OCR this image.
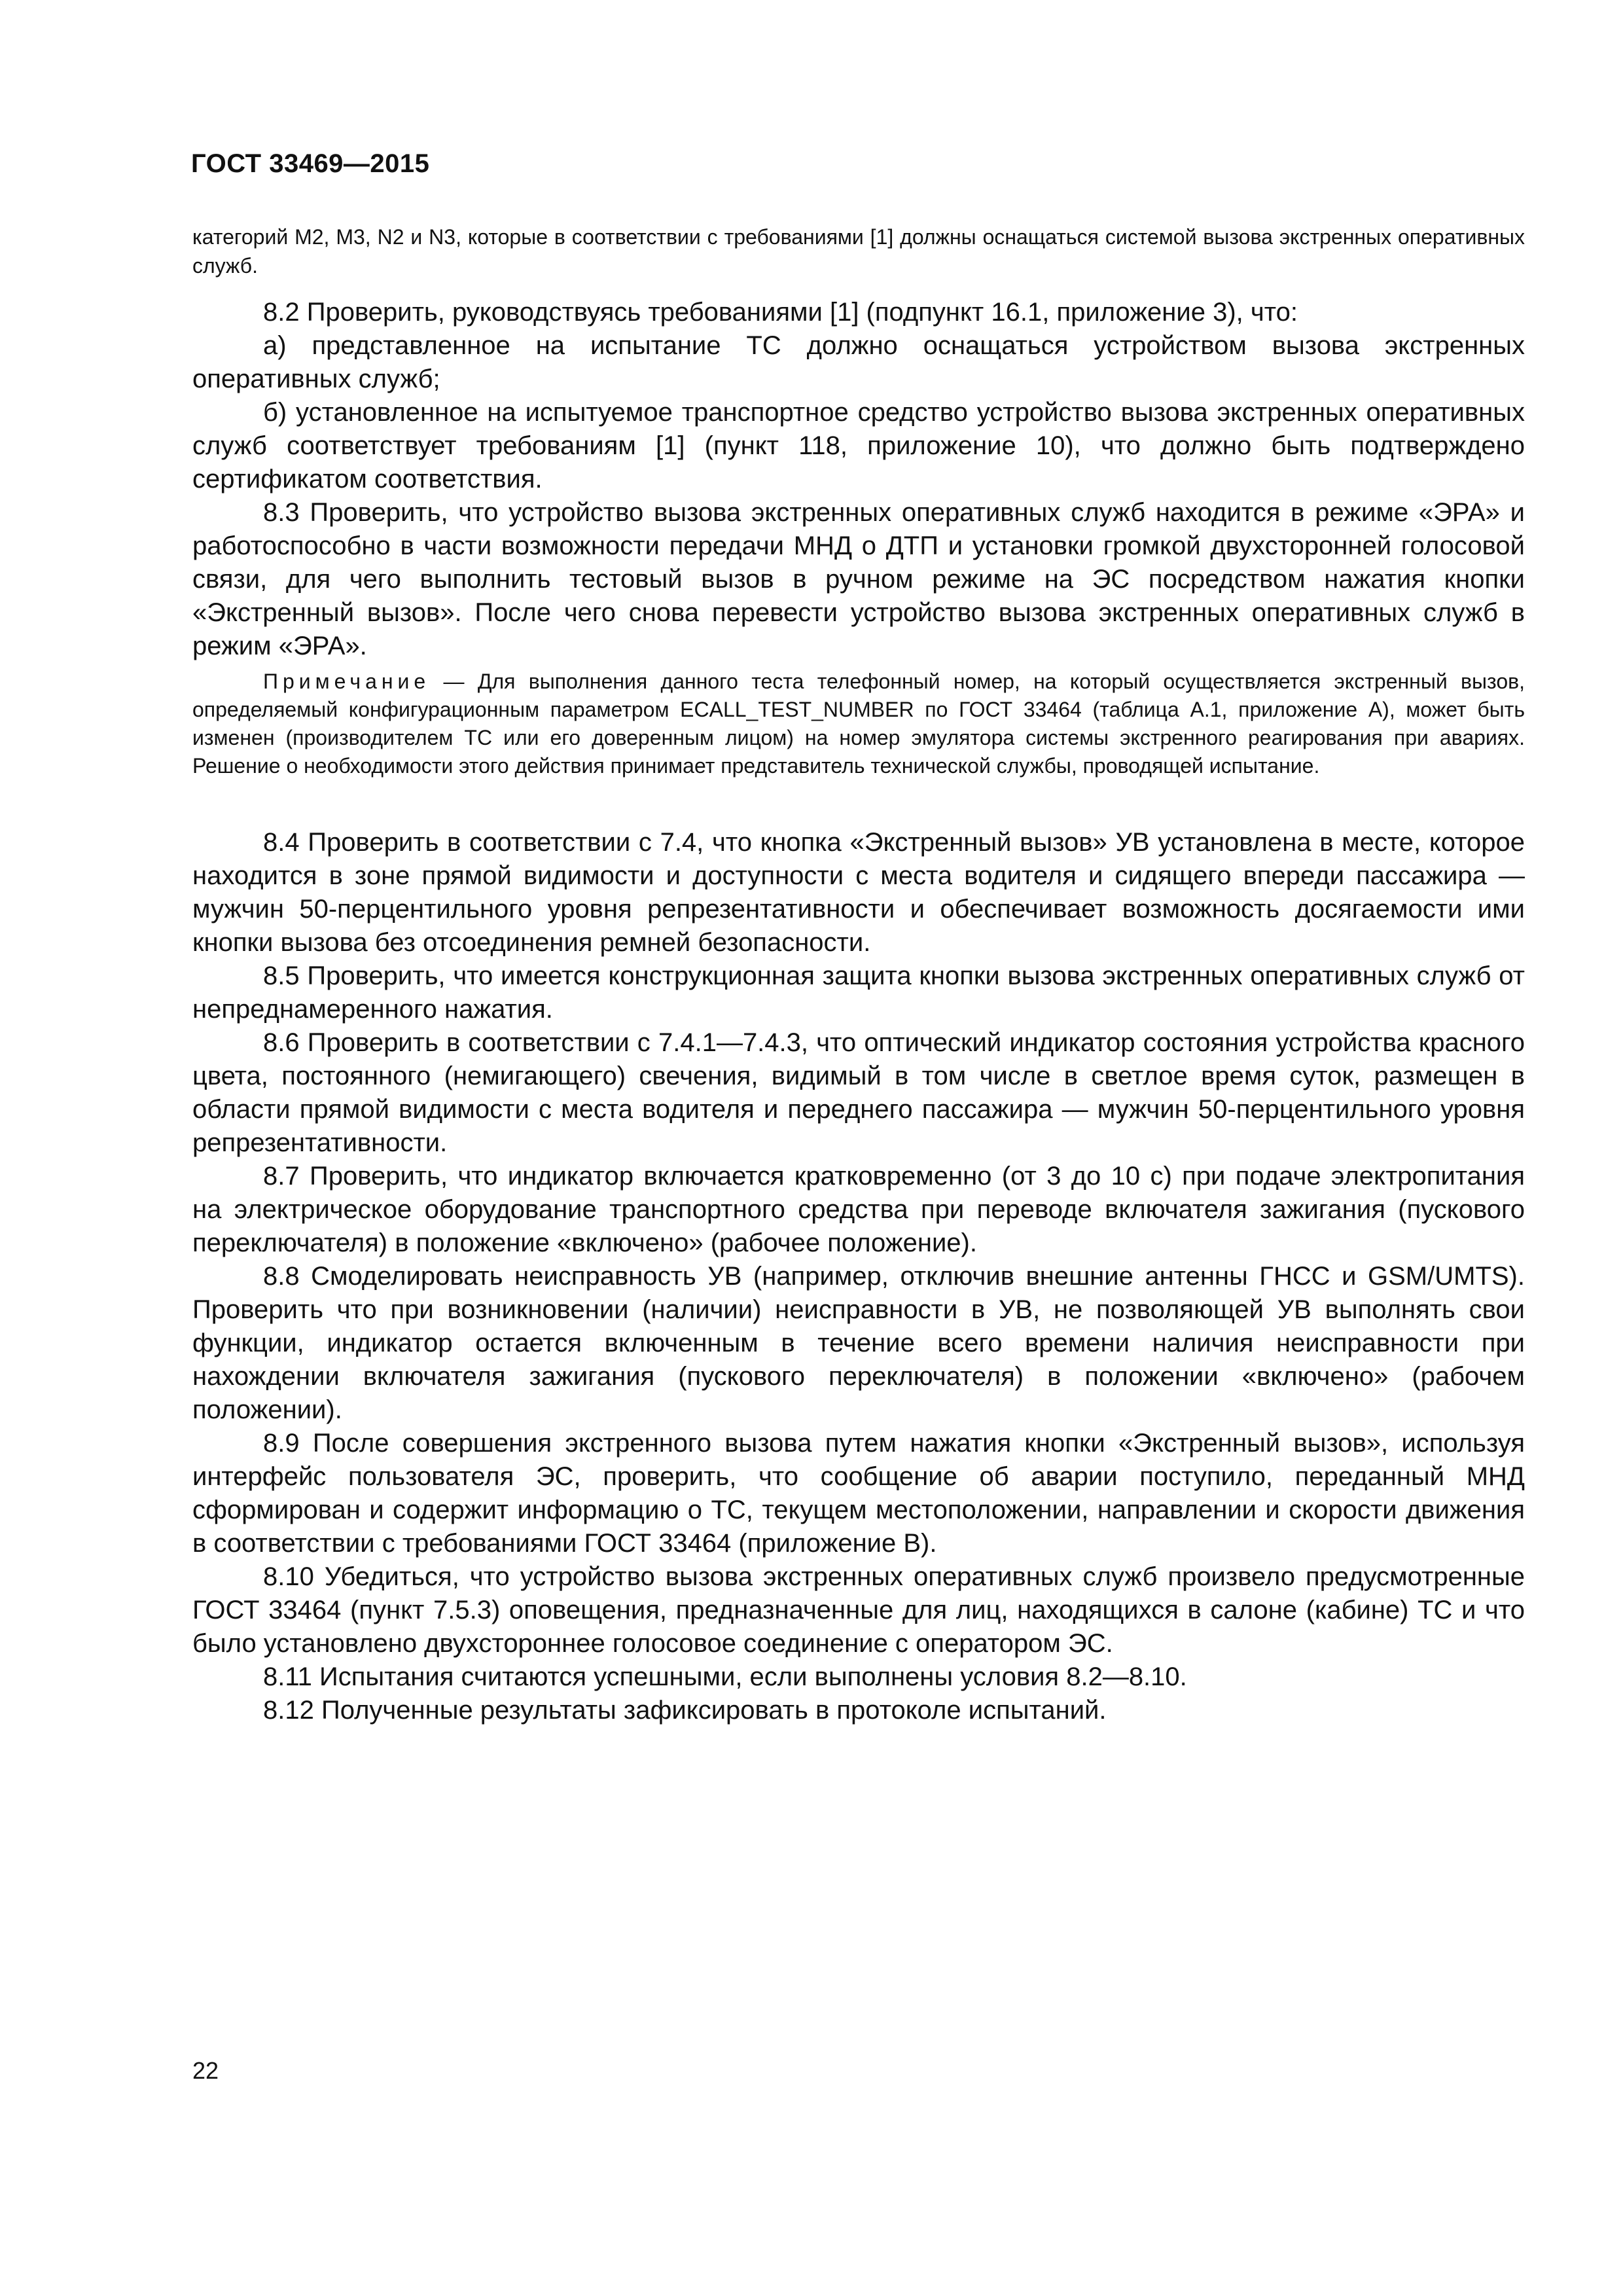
ГОСТ 33469—2015
категорий M2, M3, N2 и N3, которые в соответствии с требованиями [1] должны оснащаться системой вызова экстренных оперативных служб.

8.2 Проверить, руководствуясь требованиями [1] (подпункт 16.1, приложение 3), что:

а) представленное на испытание ТС должно оснащаться устройством вызова экстренных оперативных служб;

б) установленное на испытуемое транспортное средство устройство вызова экстренных оперативных служб соответствует требованиям [1] (пункт 118, приложение 10), что должно быть подтверждено сертификатом соответствия.

8.3 Проверить, что устройство вызова экстренных оперативных служб находится в режиме «ЭРА» и работоспособно в части возможности передачи МНД о ДТП и установки громкой двухсторонней голосовой связи, для чего выполнить тестовый вызов в ручном режиме на ЭС посредством нажатия кнопки «Экстренный вызов». После чего снова перевести устройство вызова экстренных оперативных служб в режим «ЭРА».

Примечание — Для выполнения данного теста телефонный номер, на который осуществляется экстренный вызов, определяемый конфигурационным параметром ECALL_TEST_NUMBER по ГОСТ 33464 (таблица А.1, приложение А), может быть изменен (производителем ТС или его доверенным лицом) на номер эмулятора системы экстренного реагирования при авариях. Решение о необходимости этого действия принимает представитель технической службы, проводящей испытание.

8.4 Проверить в соответствии с 7.4, что кнопка «Экстренный вызов» УВ установлена в месте, которое находится в зоне прямой видимости и доступности с места водителя и сидящего впереди пассажира — мужчин 50-перцентильного уровня репрезентативности и обеспечивает возможность досягаемости ими кнопки вызова без отсоединения ремней безопасности.

8.5 Проверить, что имеется конструкционная защита кнопки вызова экстренных оперативных служб от непреднамеренного нажатия.

8.6 Проверить в соответствии с 7.4.1—7.4.3, что оптический индикатор состояния устройства красного цвета, постоянного (немигающего) свечения, видимый в том числе в светлое время суток, размещен в области прямой видимости с места водителя и переднего пассажира — мужчин 50-перцентильного уровня репрезентативности.

8.7 Проверить, что индикатор включается кратковременно (от 3 до 10 с) при подаче электропитания на электрическое оборудование транспортного средства при переводе включателя зажигания (пускового переключателя) в положение «включено» (рабочее положение).

8.8 Смоделировать неисправность УВ (например, отключив внешние антенны ГНСС и GSM/UMTS). Проверить что при возникновении (наличии) неисправности в УВ, не позволяющей УВ выполнять свои функции, индикатор остается включенным в течение всего времени наличия неисправности при нахождении включателя зажигания (пускового переключателя) в положении «включено» (рабочем положении).

8.9 После совершения экстренного вызова путем нажатия кнопки «Экстренный вызов», используя интерфейс пользователя ЭС, проверить, что сообщение об аварии поступило, переданный МНД сформирован и содержит информацию о ТС, текущем местоположении, направлении и скорости движения в соответствии с требованиями ГОСТ 33464 (приложение В).

8.10 Убедиться, что устройство вызова экстренных оперативных служб произвело предусмотренные ГОСТ 33464 (пункт 7.5.3) оповещения, предназначенные для лиц, находящихся в салоне (кабине) ТС и что было установлено двухстороннее голосовое соединение с оператором ЭС.

8.11 Испытания считаются успешными, если выполнены условия 8.2—8.10.

8.12 Полученные результаты зафиксировать в протоколе испытаний.

22
